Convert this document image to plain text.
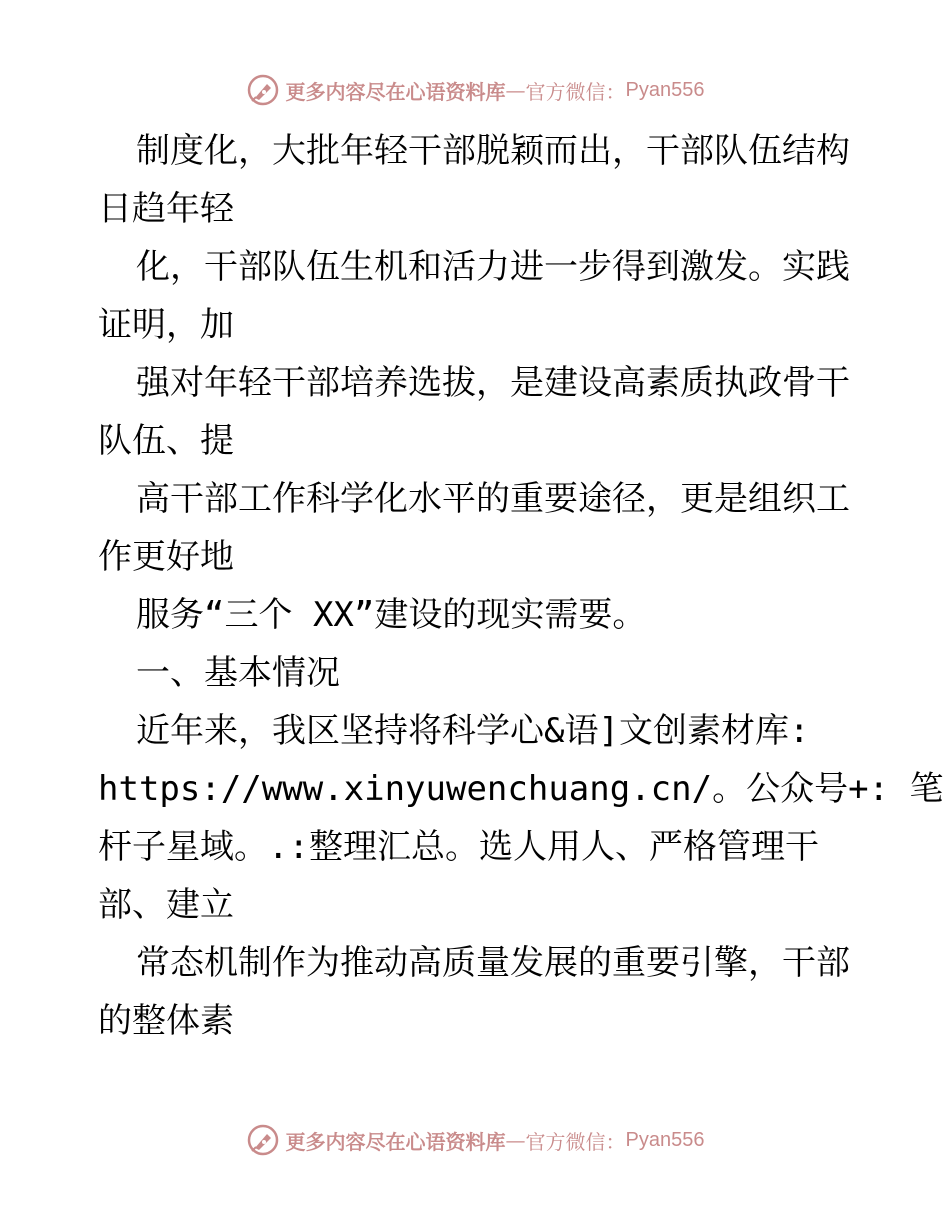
更多内容尽在心语资料库 — 官方微信： Pyan556
制度化，大批年轻干部脱颖而出，干部队伍结构
日趋年轻
化，干部队伍生机和活力进一步得到激发。实践
证明，加
强对年轻干部培养选拔，是建设高素质执政骨干
队伍、提
高干部工作科学化水平的重要途径，更是组织工
作更好地
服务“三个 XX”建设的现实需要。
一、基本情况
近年来，我区坚持将科学心&语]文创素材库:
https://www.xinyuwenchuang.cn/。公众号+: 笔
杆子星域。.:整理汇总。选人用人、严格管理干
部、建立
常态机制作为推动高质量发展的重要引擎，干部
的整体素
更多内容尽在心语资料库 — 官方微信： Pyan556
